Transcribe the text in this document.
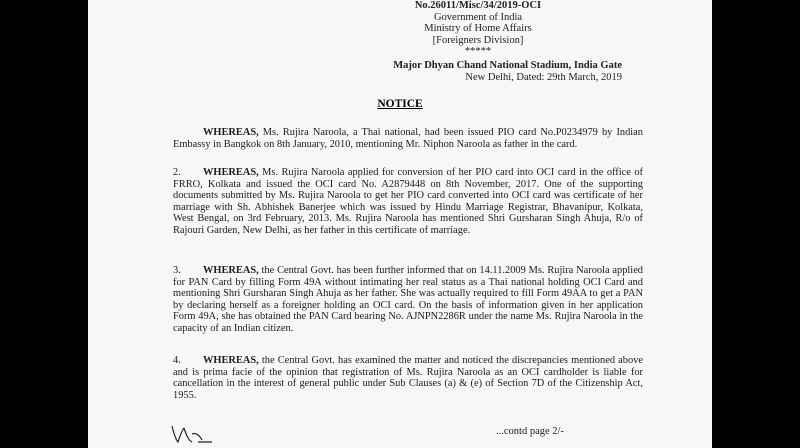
No.26011/Misc/34/2019-OCI
Government of India
Ministry of Home Affairs
[Foreigners Division]
*****
Major Dhyan Chand National Stadium, India Gate
New Delhi, Dated: 29th March, 2019
NOTICE
WHEREAS, Ms. Rujira Naroola, a Thai national, had been issued PIO card No.P0234979 by Indian Embassy in Bangkok on 8th January, 2010, mentioning Mr. Niphon Naroola as father in the card.
2. WHEREAS, Ms. Rujira Naroola applied for conversion of her PIO card into OCI card in the office of FRRO, Kolkata and issued the OCI card No. A2879448 on 8th November, 2017. One of the supporting documents submitted by Ms. Rujira Naroola to get her PIO card converted into OCI card was certificate of her marriage with Sh. Abhishek Banerjee which was issued by Hindu Marriage Registrar, Bhavanipur, Kolkata, West Bengal, on 3rd February, 2013. Ms. Rujira Naroola has mentioned Shri Gursharan Singh Ahuja, R/o of Rajouri Garden, New Delhi, as her father in this certificate of marriage.
3. WHEREAS, the Central Govt. has been further informed that on 14.11.2009 Ms. Rujira Naroola applied for PAN Card by filling Form 49A without intimating her real status as a Thai national holding OCI Card and mentioning Shri Gursharan Singh Ahuja as her father. She was actually required to fill Form 49AA to get a PAN by declaring herself as a foreigner holding an OCI card. On the basis of information given in her application Form 49A, she has obtained the PAN Card bearing No. AJNPN2286R under the name Ms. Rujira Naroola in the capacity of an Indian citizen.
4. WHEREAS, the Central Govt. has examined the matter and noticed the discrepancies mentioned above and is prima facie of the opinion that registration of Ms. Rujira Naroola as an OCI cardholder is liable for cancellation in the interest of general public under Sub Clauses (a) & (e) of Section 7D of the Citizenship Act, 1955.
...contd page 2/-
